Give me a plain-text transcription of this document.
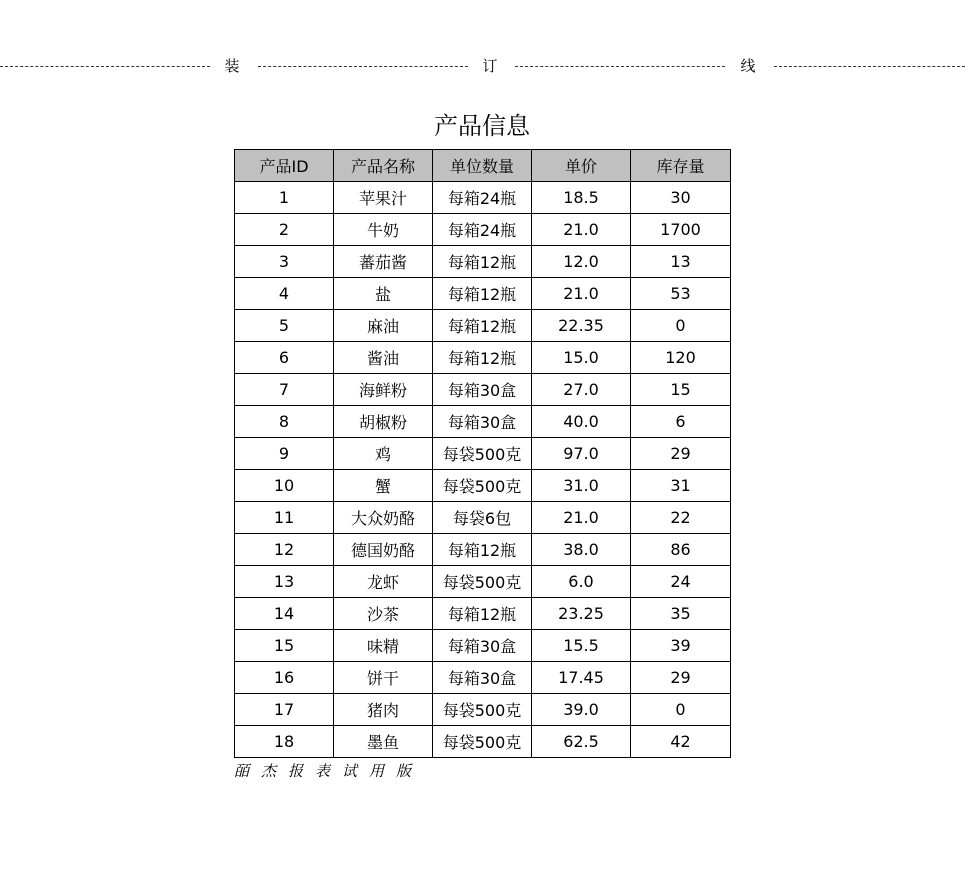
装	订	线
产品信息
产品ID	产品名称	单位数量	单价	库存量
1	苹果汁	每箱24瓶	18.5	30
2	牛奶	每箱24瓶	21.0	1700
3	蕃茄酱	每箱12瓶	12.0	13
4	盐	每箱12瓶	21.0	53
5	麻油	每箱12瓶	22.35	0
6	酱油	每箱12瓶	15.0	120
7	海鲜粉	每箱30盒	27.0	15
8	胡椒粉	每箱30盒	40.0	6
9	鸡	每袋500克	97.0	29
10	蟹	每袋500克	31.0	31
11	大众奶酪	每袋6包	21.0	22
12	德国奶酪	每箱12瓶	38.0	86
13	龙虾	每袋500克	6.0	24
14	沙茶	每箱12瓶	23.25	35
15	味精	每箱30盒	15.5	39
16	饼干	每箱30盒	17.45	29
17	猪肉	每袋500克	39.0	0
18	墨鱼	每袋500克	62.5	42
皕杰报表试用版
